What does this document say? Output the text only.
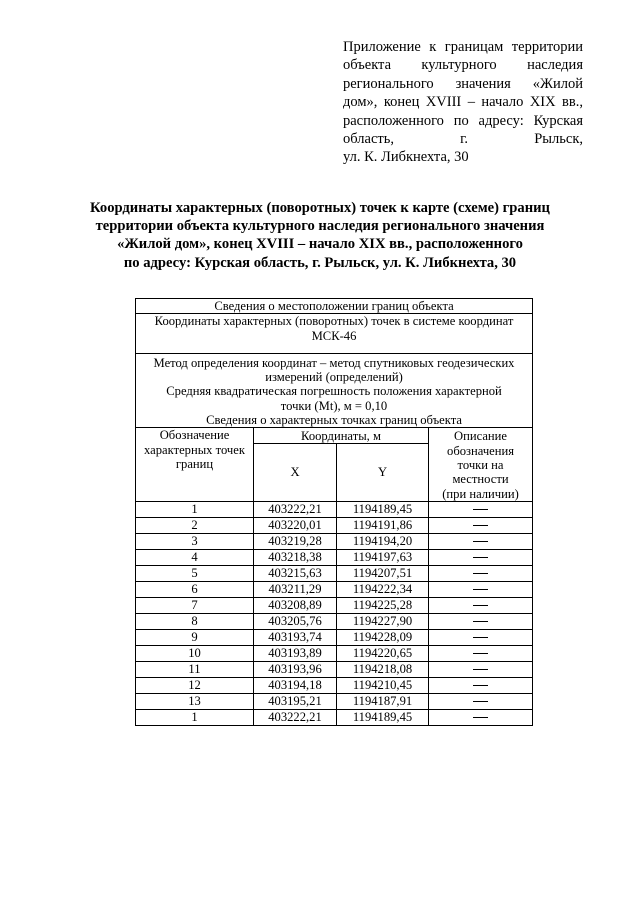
Приложение к границам территории объекта культурного наследия регионального значения «Жилой дом», конец XVIII – начало XIX вв., расположенного по адресу: Курская область, г. Рыльск,
ул. К. Либкнехта, 30
Координаты характерных (поворотных) точек к карте (схеме) границ
территории объекта культурного наследия регионального значения
«Жилой дом», конец XVIII – начало XIX вв., расположенного
по адресу: Курская область, г. Рыльск, ул. К. Либкнехта, 30
Сведения о местоположении границ объекта			
Координаты характерных (поворотных) точек в системе координат МСК-46			

Метод определения координат – метод спутниковых геодезических измерений (определений)
Средняя квадратическая погрешность положения характерной точки (Mt), м = 0,10
Сведения о характерных точках границ объекта			

Обозначение характерных точек границ	Координаты, м		Описание обозначения точки на местности (при наличии)
	X	Y	
1	403222,21	1194189,45	
2	403220,01	1194191,86	
3	403219,28	1194194,20	
4	403218,38	1194197,63	
5	403215,63	1194207,51	
6	403211,29	1194222,34	
7	403208,89	1194225,28	
8	403205,76	1194227,90	
9	403193,74	1194228,09	
10	403193,89	1194220,65	
11	403193,96	1194218,08	
12	403194,18	1194210,45	
13	403195,21	1194187,91	
1	403222,21	1194189,45	
